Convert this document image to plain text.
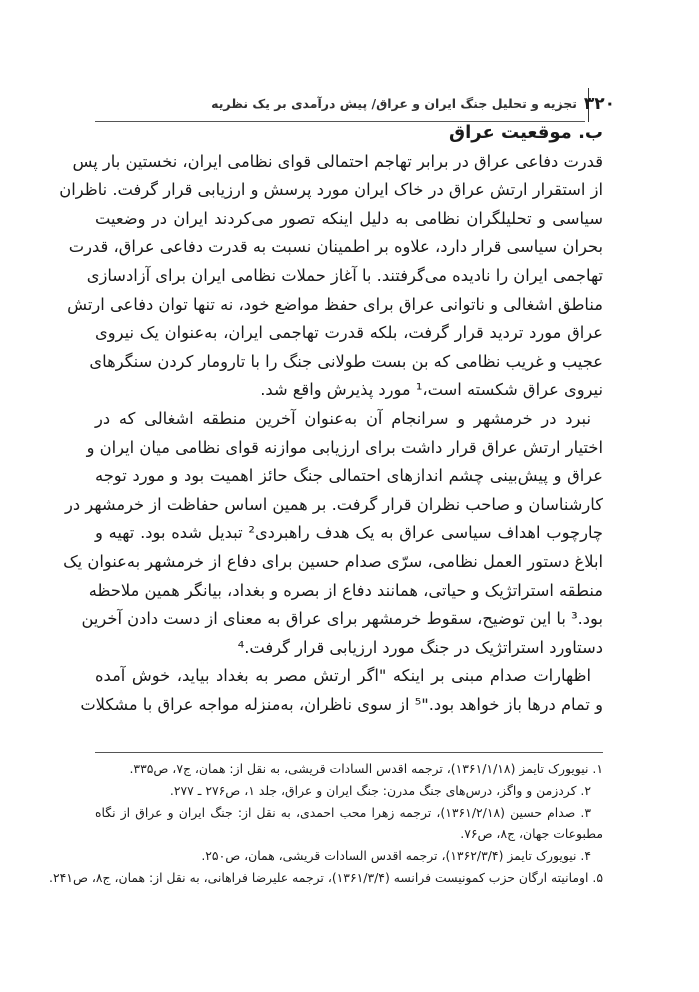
۳۲۰
تجزیه و تحلیل جنگ ایران و عراق/ پیش درآمدی بر یک نظریه
ب. موقعیت عراق
قدرت دفاعی عراق در برابر تهاجم احتمالی قوای نظامی ایران، نخستین بار پس
از استقرار ارتش عراق در خاک ایران مورد پرسش و ارزیابی قرار گرفت. ناظران
سیاسی و تحلیلگران نظامی به دلیل اینکه تصور می‌کردند ایران در وضعیت
بحران سیاسی قرار دارد، علاوه بر اطمینان نسبت به قدرت دفاعی عراق، قدرت
تهاجمی ایران را نادیده می‌گرفتند. با آغاز حملات نظامی ایران برای آزادسازی
مناطق اشغالی و ناتوانی عراق برای حفظ مواضع خود، نه تنها توان دفاعی ارتش
عراق مورد تردید قرار گرفت، بلکه قدرت تهاجمی ایران، به‌عنوان یک نیروی
عجیب و غریب نظامی که بن بست طولانی جنگ را با تارومار کردن سنگرهای
نیروی عراق شکسته است،¹ مورد پذیرش واقع شد.
نبرد در خرمشهر و سرانجام آن به‌عنوان آخرین منطقه اشغالی که در
اختیار ارتش عراق قرار داشت برای ارزیابی موازنه قوای نظامی میان ایران و
عراق و پیش‌بینی چشم اندازهای احتمالی جنگ حائز اهمیت بود و مورد توجه
کارشناسان و صاحب نظران قرار گرفت. بر همین اساس حفاظت از خرمشهر در
چارچوب اهداف سیاسی عراق به یک هدف راهبردی² تبدیل شده بود. تهیه و
ابلاغ دستور العمل نظامی، سرّی صدام حسین برای دفاع از خرمشهر به‌عنوان یک
منطقه استراتژیک و حیاتی، همانند دفاع از بصره و بغداد، بیانگر همین ملاحظه
بود.³ با این توضیح، سقوط خرمشهر برای عراق به معنای از دست دادن آخرین
دستاورد استراتژیک در جنگ مورد ارزیابی قرار گرفت.⁴
اظهارات صدام مبنی بر اینکه "اگر ارتش مصر به بغداد بیاید، خوش آمده
و تمام درها باز خواهد بود."⁵ از سوی ناظران، به‌منزله مواجه عراق با مشکلات
۱. نیویورک تایمز (۱۳۶۱/۱/۱۸)، ترجمه اقدس السادات قریشی، به نقل از: همان، ج۷، ص۳۳۵.
۲. کردزمن و واگز، درس‌های جنگ مدرن: جنگ ایران و عراق، جلد ۱، ص۲۷۶ ـ ۲۷۷.
۳. صدام حسین (۱۳۶۱/۲/۱۸)، ترجمه زهرا محب احمدی، به نقل از: جنگ ایران و عراق از نگاه
مطبوعات جهان، ج۸، ص۷۶.
۴. نیویورک تایمز (۱۳۶۲/۳/۴)، ترجمه اقدس السادات قریشی، همان، ص۲۵۰.
۵. اومانیته ارگان حزب کمونیست فرانسه (۱۳۶۱/۳/۴)، ترجمه علیرضا فراهانی، به نقل از: همان، ج۸، ص۲۴۱.
